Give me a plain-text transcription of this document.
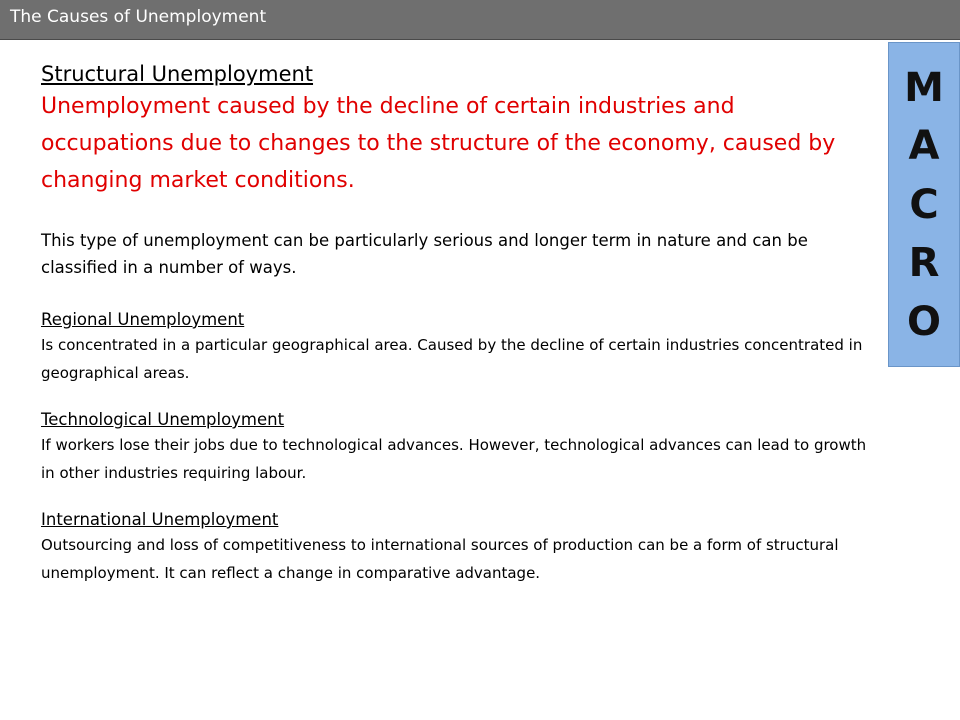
The Causes of Unemployment
M
A
C
R
O

Structural Unemployment

Unemployment caused by the decline of certain industries and occupations due to changes to the structure of the economy, caused by changing market conditions.

This type of unemployment can be particularly serious and longer term in nature and can be classified in a number of ways.

Regional Unemployment

Is concentrated in a particular geographical area. Caused by the decline of certain industries concentrated in geographical areas.

Technological Unemployment

If workers lose their jobs due to technological advances. However, technological advances can lead to growth in other industries requiring labour.

International Unemployment

Outsourcing and loss of competitiveness to international sources of production can be a form of structural unemployment. It can reflect a change in comparative advantage.
